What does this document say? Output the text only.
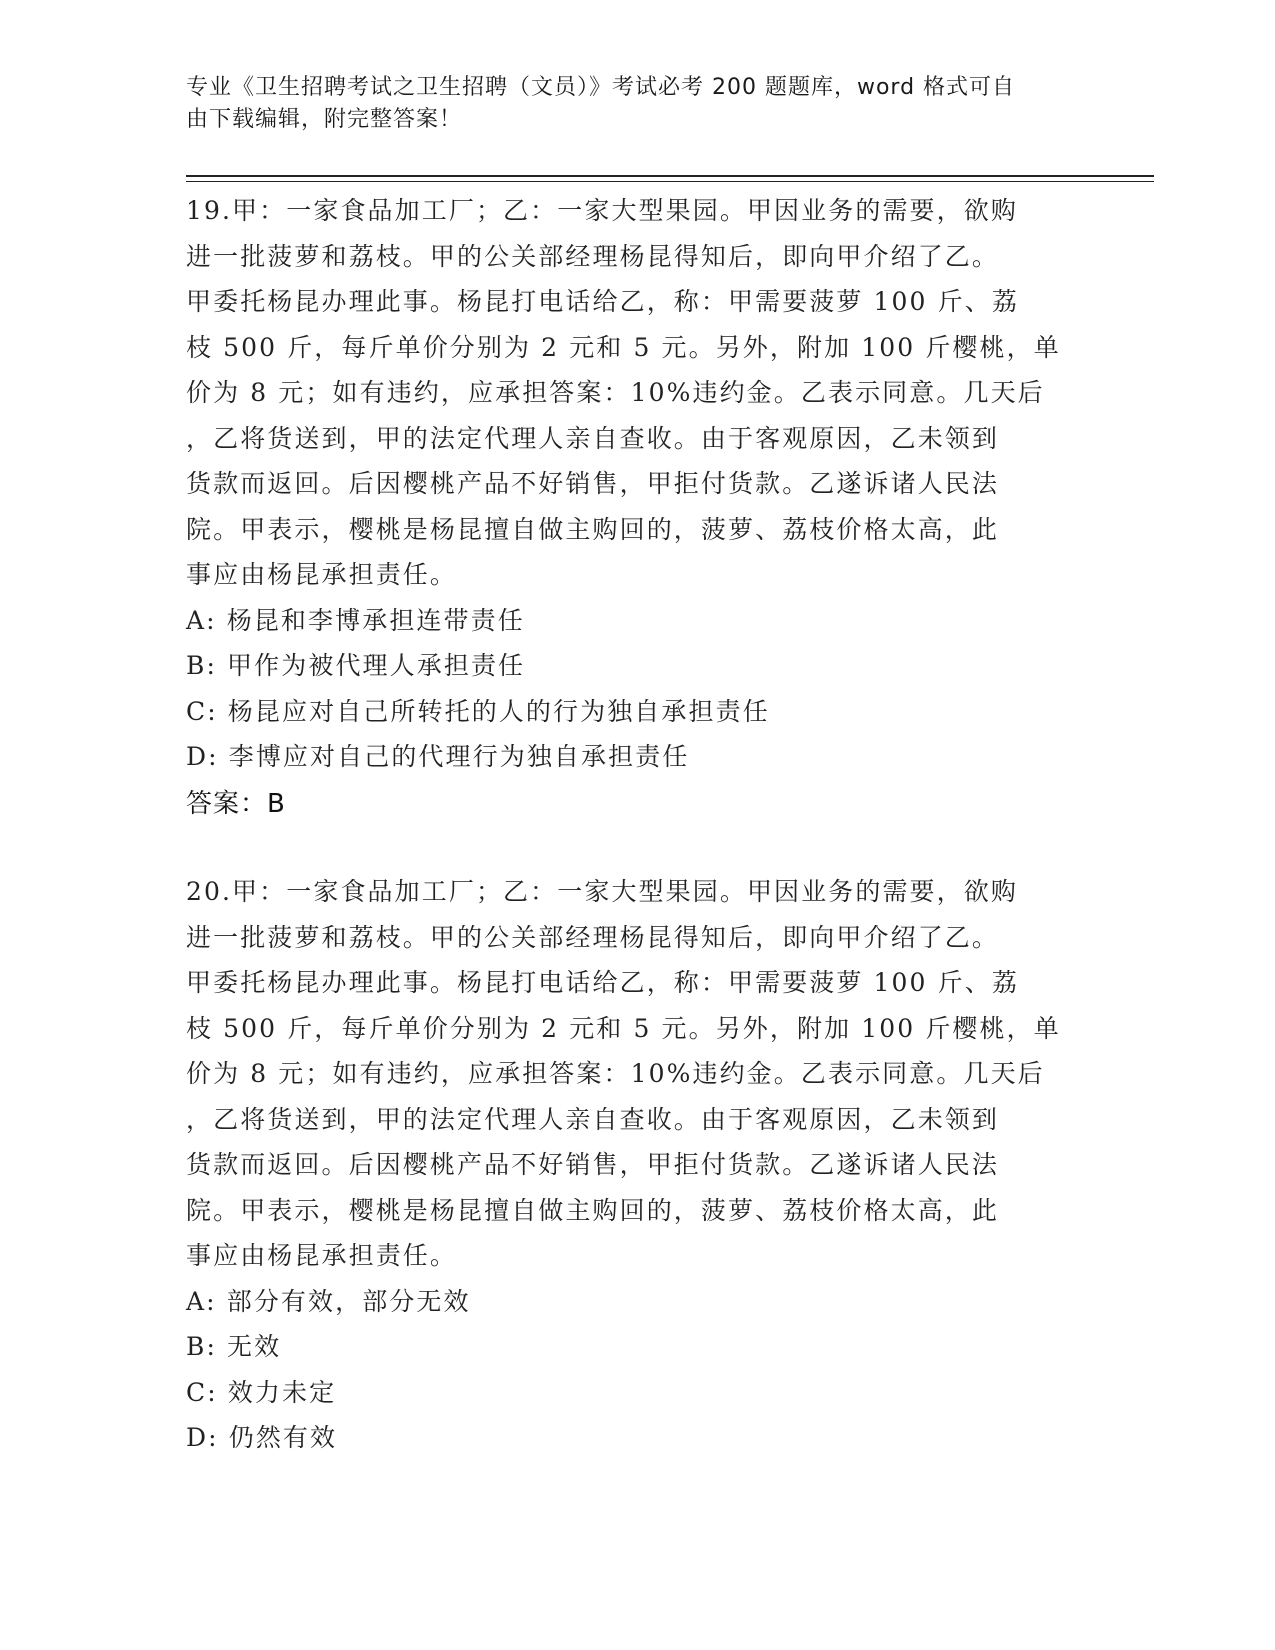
专业《卫生招聘考试之卫生招聘（文员）》考试必考 200 题题库，word 格式可自
由下载编辑，附完整答案！
19.甲：一家食品加工厂；乙：一家大型果园。甲因业务的需要，欲购
进一批菠萝和荔枝。甲的公关部经理杨昆得知后，即向甲介绍了乙。
甲委托杨昆办理此事。杨昆打电话给乙，称：甲需要菠萝 100 斤、荔
枝 500 斤，每斤单价分别为 2 元和 5 元。另外，附加 100 斤樱桃，单
价为 8 元；如有违约，应承担答案：10%违约金。乙表示同意。几天后
，乙将货送到，甲的法定代理人亲自查收。由于客观原因，乙未领到
货款而返回。后因樱桃产品不好销售，甲拒付货款。乙遂诉诸人民法
院。甲表示，樱桃是杨昆擅自做主购回的，菠萝、荔枝价格太高，此
事应由杨昆承担责任。
A: 杨昆和李博承担连带责任
B: 甲作为被代理人承担责任
C: 杨昆应对自己所转托的人的行为独自承担责任
D: 李博应对自己的代理行为独自承担责任
答案：B
20.甲：一家食品加工厂；乙：一家大型果园。甲因业务的需要，欲购
进一批菠萝和荔枝。甲的公关部经理杨昆得知后，即向甲介绍了乙。
甲委托杨昆办理此事。杨昆打电话给乙，称：甲需要菠萝 100 斤、荔
枝 500 斤，每斤单价分别为 2 元和 5 元。另外，附加 100 斤樱桃，单
价为 8 元；如有违约，应承担答案：10%违约金。乙表示同意。几天后
，乙将货送到，甲的法定代理人亲自查收。由于客观原因，乙未领到
货款而返回。后因樱桃产品不好销售，甲拒付货款。乙遂诉诸人民法
院。甲表示，樱桃是杨昆擅自做主购回的，菠萝、荔枝价格太高，此
事应由杨昆承担责任。
A: 部分有效，部分无效
B: 无效
C: 效力未定
D: 仍然有效
